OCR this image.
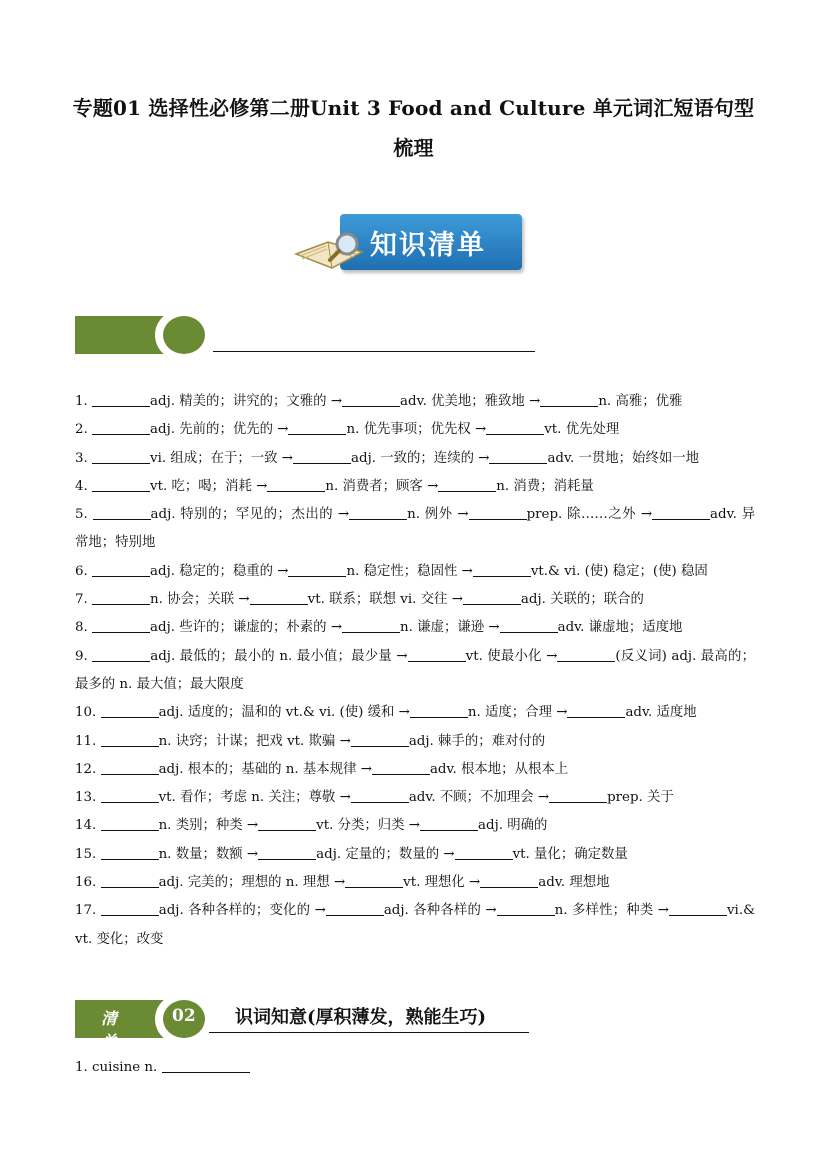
专题01 选择性必修第二册Unit 3 Food and Culture 单元词汇短语句型
梳理
知识清单
1.	adj. 精美的；讲究的；文雅的 →	adv. 优美地；雅致地 →	n. 高雅；优雅
2.	adj. 先前的；优先的 →	n. 优先事项；优先权 →	vt. 优先处理
3.	vi. 组成；在于；一致 →	adj. 一致的；连续的 →	adv. 一贯地；始终如一地
4.	vt. 吃；喝；消耗 →	n. 消费者；顾客 →	n. 消费；消耗量
5.	adj. 特别的；罕见的；杰出的 →	n. 例外 →	prep. 除……之外 →	adv. 异常地；特别地
6.	adj. 稳定的；稳重的 →	n. 稳定性；稳固性 →	vt.& vi. (使) 稳定；(使) 稳固
7.	n. 协会；关联 →	vt. 联系；联想 vi. 交往 →	adj. 关联的；联合的
8.	adj. 些许的；谦虚的；朴素的 →	n. 谦虚；谦逊 →	adv. 谦虚地；适度地
9.	adj. 最低的；最小的 n. 最小值；最少量 →	vt. 使最小化 →	(反义词) adj. 最高的；最多的 n. 最大值；最大限度
10.	adj. 适度的；温和的 vt.& vi. (使) 缓和 →	n. 适度；合理 →	adv. 适度地
11.	n. 诀窍；计谋；把戏 vt. 欺骗 →	adj. 棘手的；难对付的
12.	adj. 根本的；基础的 n. 基本规律 →	adv. 根本地；从根本上
13.	vt. 看作；考虑 n. 关注；尊敬 →	adv. 不顾；不加理会 →	prep. 关于
14.	n. 类别；种类 →	vt. 分类；归类 →	adj. 明确的
15.	n. 数量；数额 →	adj. 定量的；数量的 →	vt. 量化；确定数量
16.	adj. 完美的；理想的 n. 理想 →	vt. 理想化 →	adv. 理想地
17.	adj. 各种各样的；变化的 →	adj. 各种各样的 →	n. 多样性；种类 →	vi.& vt. 变化；改变
清单
02 识词知意(厚积薄发，熟能生巧)
1. cuisine n.
